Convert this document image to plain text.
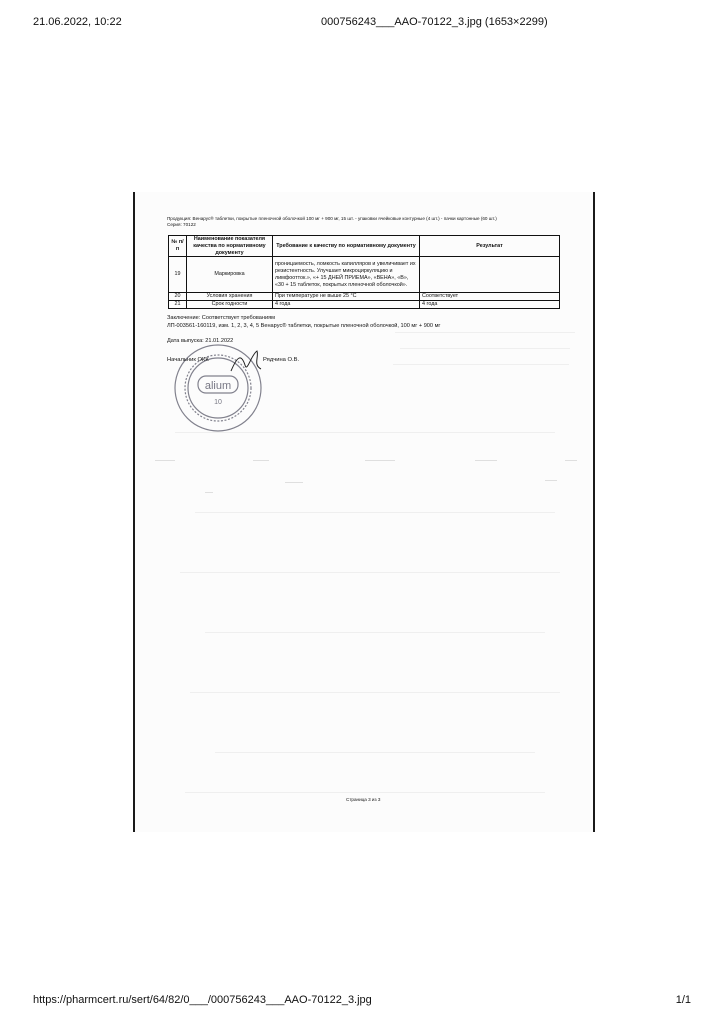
21.06.2022, 10:22	000756243___AAO-70122_3.jpg (1653×2299)
Продукция: Венарус® таблетки, покрытые пленочной оболочкой 100 мг + 900 мг, 15 шт. - упаковки ячейковые контурные (4 шт.) - пачки картонные (60 шт.)
Серия: 70122
№ п/п	Наименование показателя качества по нормативному документу	Требование к качеству по нормативному документу	Результат
19	Маркировка	проницаемость, ломкость капилляров и увеличивает их резистентность. Улучшает микроциркуляцию и лимфоотток.», «+ 15 ДНЕЙ ПРИЕМА», «ВЕНА», «В», «30 + 15 таблеток, покрытых пленочной оболочкой».	
20	Условия хранения	При температуре не выше 25 °С	Соответствует
21	Срок годности	4 года	4 года
Заключение: Соответствует требованиям
ЛП-003561-160119, изм. 1, 2, 3, 4, 5 Венарус® таблетки, покрытые пленочной оболочкой, 100 мг + 900 мг
Дата выпуска: 21.01.2022
alium
10
Начальник ОКК	Рядчина О.В.
Страница 3 из 3
https://pharmcert.ru/sert/64/82/0___/000756243___AAO-70122_3.jpg	1/1
